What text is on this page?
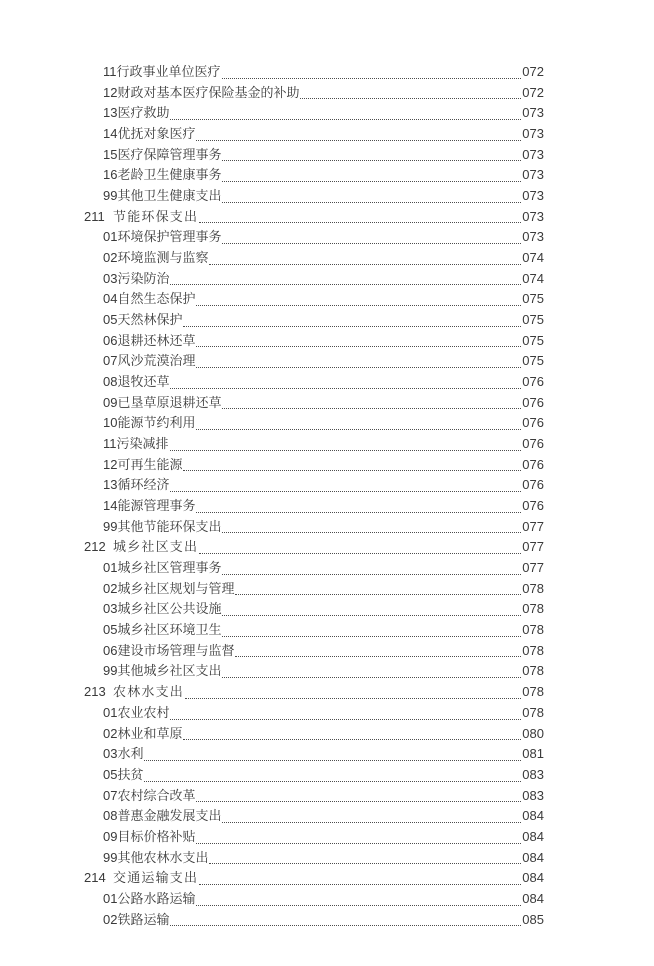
11行政事业单位医疗	072
12财政对基本医疗保险基金的补助	072
13医疗救助	073
14优抚对象医疗	073
15医疗保障管理事务	073
16老龄卫生健康事务	073
99其他卫生健康支出	073
211 节能环保支出	073
01环境保护管理事务	073
02环境监测与监察	074
03污染防治	074
04自然生态保护	075
05天然林保护	075
06退耕还林还草	075
07风沙荒漠治理	075
08退牧还草	076
09已垦草原退耕还草	076
10能源节约利用	076
11污染减排	076
12可再生能源	076
13循环经济	076
14能源管理事务	076
99其他节能环保支出	077
212 城乡社区支出	077
01城乡社区管理事务	077
02城乡社区规划与管理	078
03城乡社区公共设施	078
05城乡社区环境卫生	078
06建设市场管理与监督	078
99其他城乡社区支出	078
213 农林水支出	078
01农业农村	078
02林业和草原	080
03水利	081
05扶贫	083
07农村综合改革	083
08普惠金融发展支出	084
09目标价格补贴	084
99其他农林水支出	084
214 交通运输支出	084
01公路水路运输	084
02铁路运输	085
